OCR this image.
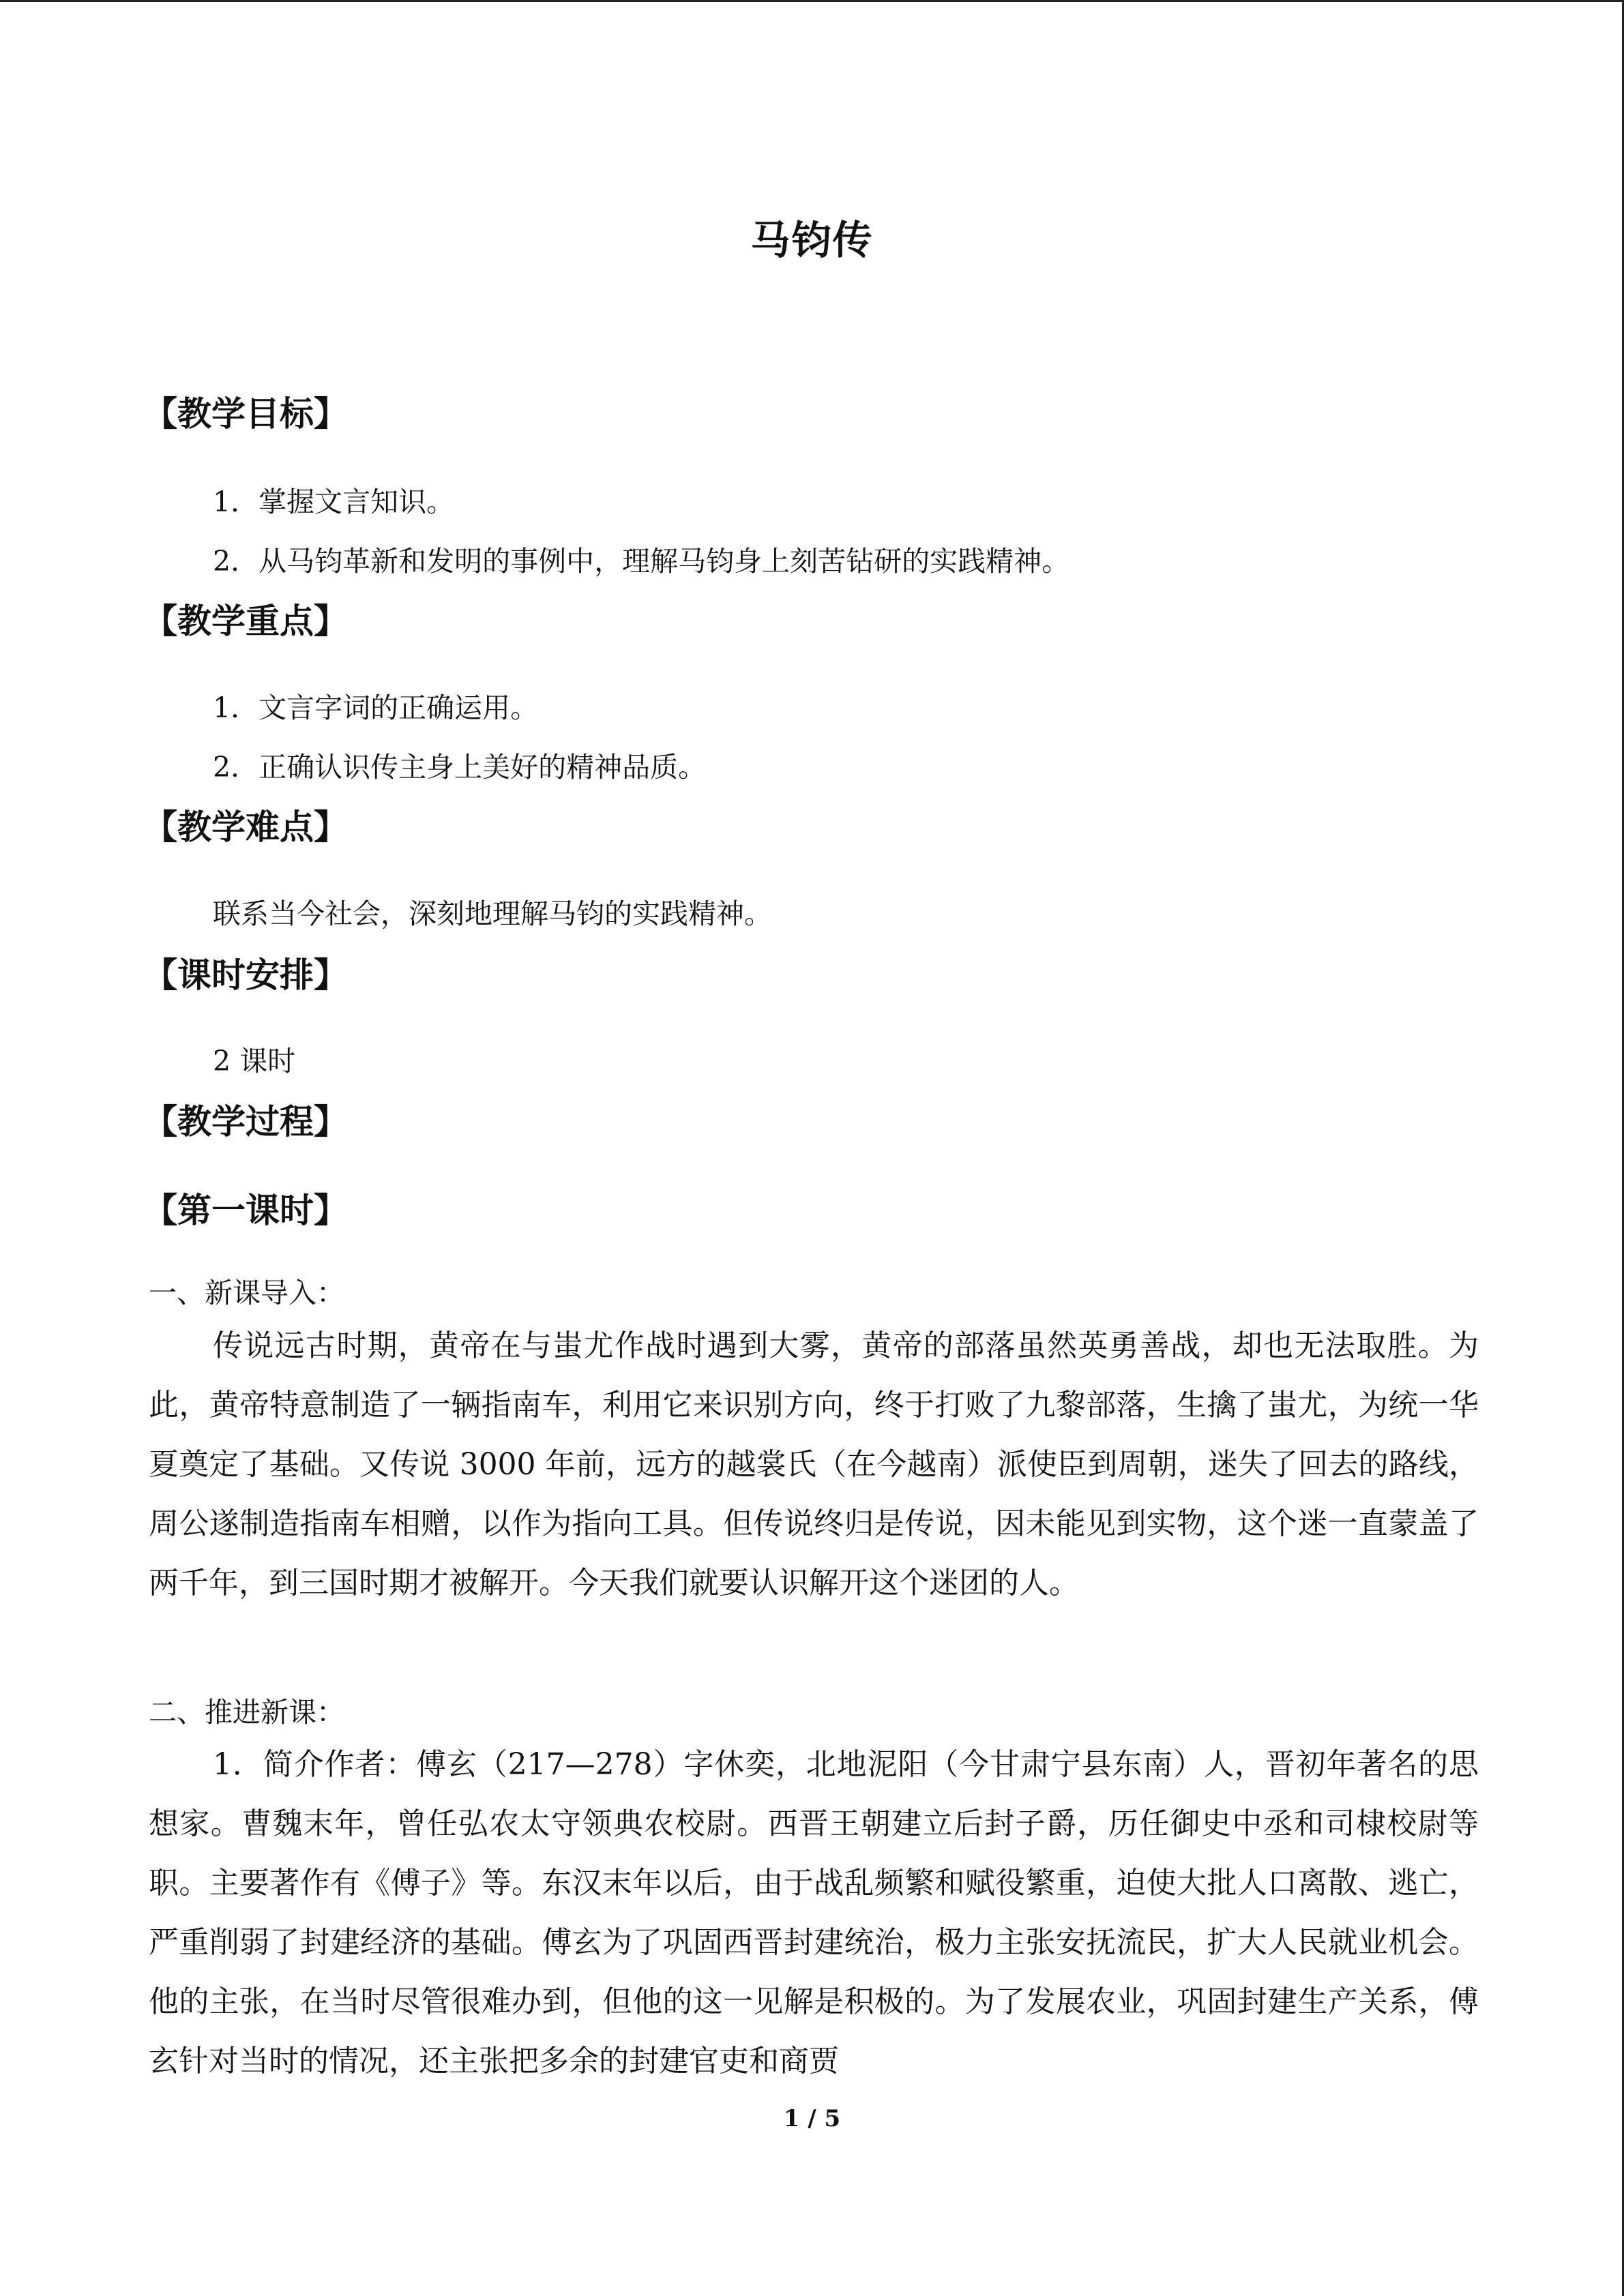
马钧传
【教学目标】
1．掌握文言知识。
2．从马钧革新和发明的事例中，理解马钧身上刻苦钻研的实践精神。
【教学重点】
1．文言字词的正确运用。
2．正确认识传主身上美好的精神品质。
【教学难点】
联系当今社会，深刻地理解马钧的实践精神。
【课时安排】
2 课时
【教学过程】
【第一课时】
一、新课导入：
传说远古时期，黄帝在与蚩尤作战时遇到大雾，黄帝的部落虽然英勇善战，却也无法取胜。为此，黄帝特意制造了一辆指南车，利用它来识别方向，终于打败了九黎部落，生擒了蚩尤，为统一华夏奠定了基础。又传说 3000 年前，远方的越裳氏（在今越南）派使臣到周朝，迷失了回去的路线，周公遂制造指南车相赠，以作为指向工具。但传说终归是传说，因未能见到实物，这个迷一直蒙盖了两千年，到三国时期才被解开。今天我们就要认识解开这个迷团的人。
二、推进新课：
1．简介作者：傅玄（217—278）字休奕，北地泥阳（今甘肃宁县东南）人，晋初年著名的思想家。曹魏末年，曾任弘农太守领典农校尉。西晋王朝建立后封子爵，历任御史中丞和司棣校尉等职。主要著作有《傅子》等。东汉末年以后，由于战乱频繁和赋役繁重，迫使大批人口离散、逃亡，严重削弱了封建经济的基础。傅玄为了巩固西晋封建统治，极力主张安抚流民，扩大人民就业机会。他的主张，在当时尽管很难办到，但他的这一见解是积极的。为了发展农业，巩固封建生产关系，傅玄针对当时的情况，还主张把多余的封建官吏和商贾
1 / 5
